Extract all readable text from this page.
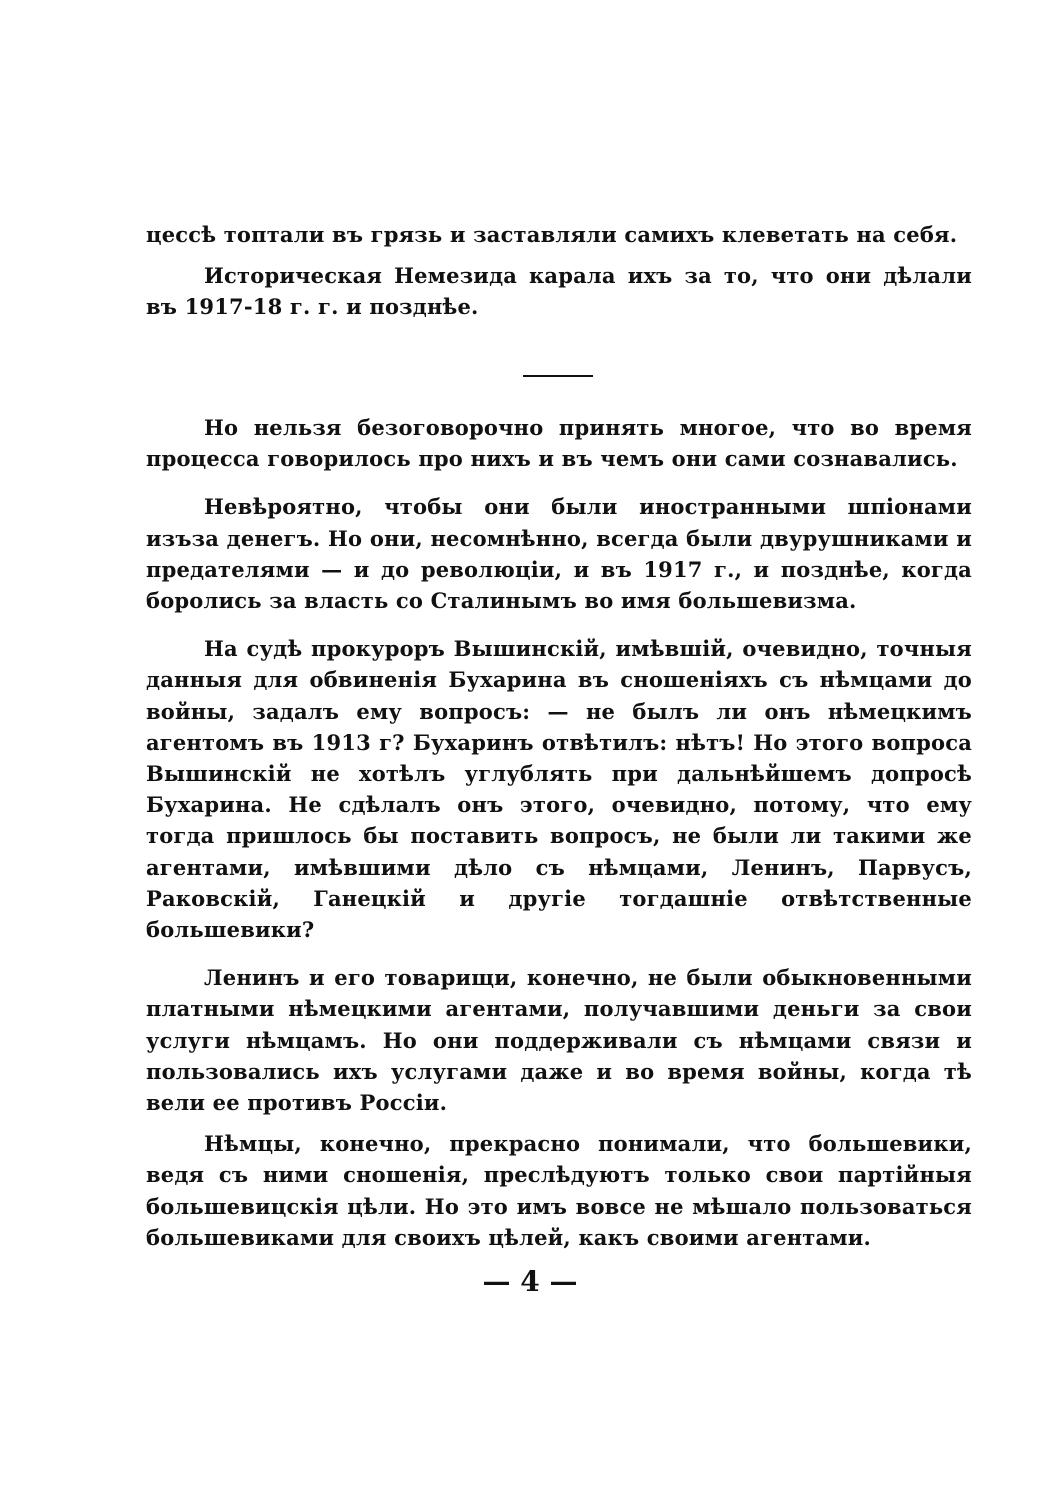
цессѣ топтали въ грязь и заставляли самихъ клеветать на себя.

Историческая Немезида карала ихъ за то, что они дѣлали въ 1917-18 г. г. и позднѣе.

Но нельзя безоговорочно принять многое, что во время процесса говорилось про нихъ и въ чемъ они сами сознавались.

Невѣроятно, чтобы они были иностранными шпіонами изъза денегъ. Но они, несомнѣнно, всегда были двурушниками и предателями — и до революціи, и въ 1917 г., и позднѣе, когда боролись за власть со Сталинымъ во имя большевизма.

На судѣ прокуроръ Вышинскій, имѣвшій, очевидно, точныя данныя для обвиненія Бухарина въ сношеніяхъ съ нѣмцами до войны, задалъ ему вопросъ: — не былъ ли онъ нѣмецкимъ агентомъ въ 1913 г? Бухаринъ отвѣтилъ: нѣтъ! Но этого вопроса Вышинскій не хотѣлъ углублять при дальнѣйшемъ допросѣ Бухарина. Не сдѣлалъ онъ этого, очевидно, потому, что ему тогда пришлось бы поставить вопросъ, не были ли такими же агентами, имѣвшими дѣло съ нѣмцами, Ленинъ, Парвусъ, Раковскій, Ганецкій и другіе тогдашніе отвѣтственные большевики?

Ленинъ и его товарищи, конечно, не были обыкновенными платными нѣмецкими агентами, получавшими деньги за свои услуги нѣмцамъ. Но они поддерживали съ нѣмцами связи и пользовались ихъ услугами даже и во время войны, когда тѣ вели ее противъ Россіи.

Нѣмцы, конечно, прекрасно понимали, что большевики, ведя съ ними сношенія, преслѣдуютъ только свои партійныя большевицскія цѣли. Но это имъ вовсе не мѣшало пользоваться большевиками для своихъ цѣлей, какъ своими агентами.

— 4 —
